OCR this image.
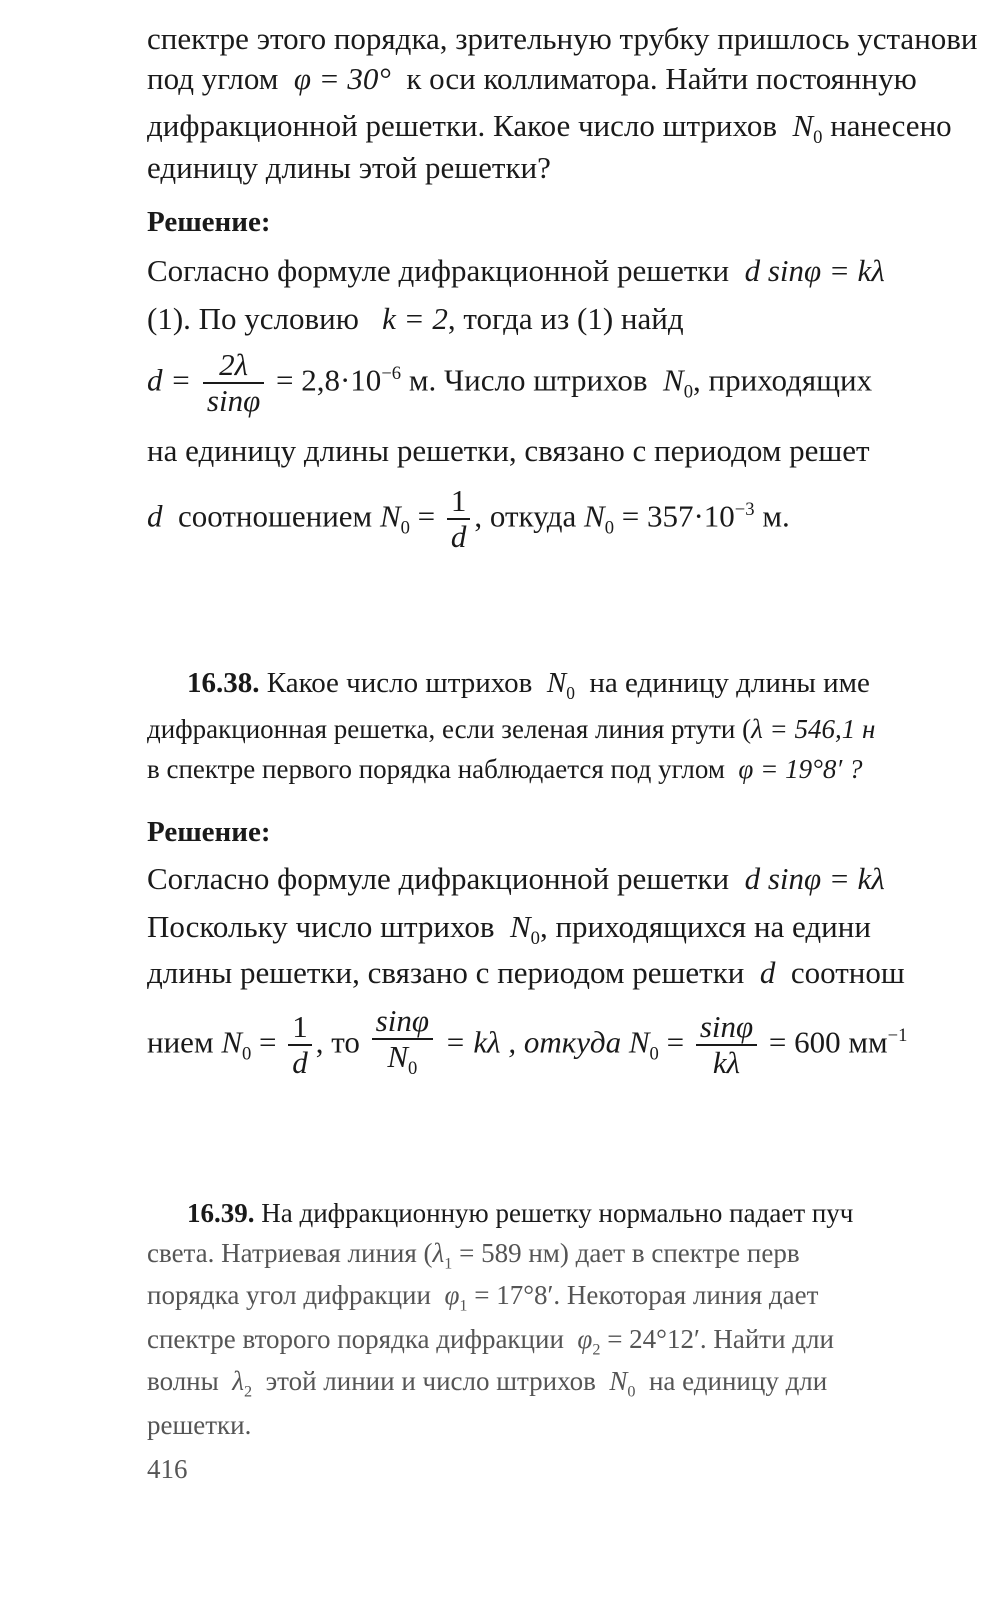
спектре этого порядка, зрительную трубку пришлось установи
под углом φ = 30° к оси коллиматора. Найти постоянную
дифракционной решетки. Какое число штрихов $N_0$ нанесено
единицу длины этой решетки?
Решение:
Согласно формуле дифракционной решетки d sinφ = kλ
(1). По условию k = 2, тогда из (1) найд
$d = \frac{2\lambda}{\sin\varphi} = 2,8\cdot 10^{-6}$ м. Число штрихов $N_0$, приходящих
на единицу длины решетки, связано с периодом решет
d соотношением $N_0 = \frac{1}{d}$ , откуда $N_0 = 357\cdot 10^{-3}$ м.
16.38. Какое число штрихов $N_0$ на единицу длины име
дифракционная решетка, если зеленая линия ртути (λ = 546,1 н
в спектре первого порядка наблюдается под углом φ = 19°8′ ?
Решение:
Согласно формуле дифракционной решетки d sinφ = kλ
Поскольку число штрихов $N_0$, приходящихся на едини
длины решетки, связано с периодом решетки d соотнош
нием $N_0 = \frac{1}{d}$ , то $\frac{\sin\varphi}{N_0} = k\lambda$ , откуда $N_0 = \frac{\sin\varphi}{k\lambda} = 600$ $мм^{-1}$
16.39. На дифракционную решетку нормально падает пуч
света. Натриевая линия ($\lambda_1 = 589$ нм) дает в спектре перв
порядка угол дифракции $\varphi_1 = 17^\circ 8'$. Некоторая линия дает
спектре второго порядка дифракции $\varphi_2 = 24^\circ 12'$. Найти дли
волны $\lambda_2$ этой линии и число штрихов $N_0$ на единицу дли
решетки.
416
